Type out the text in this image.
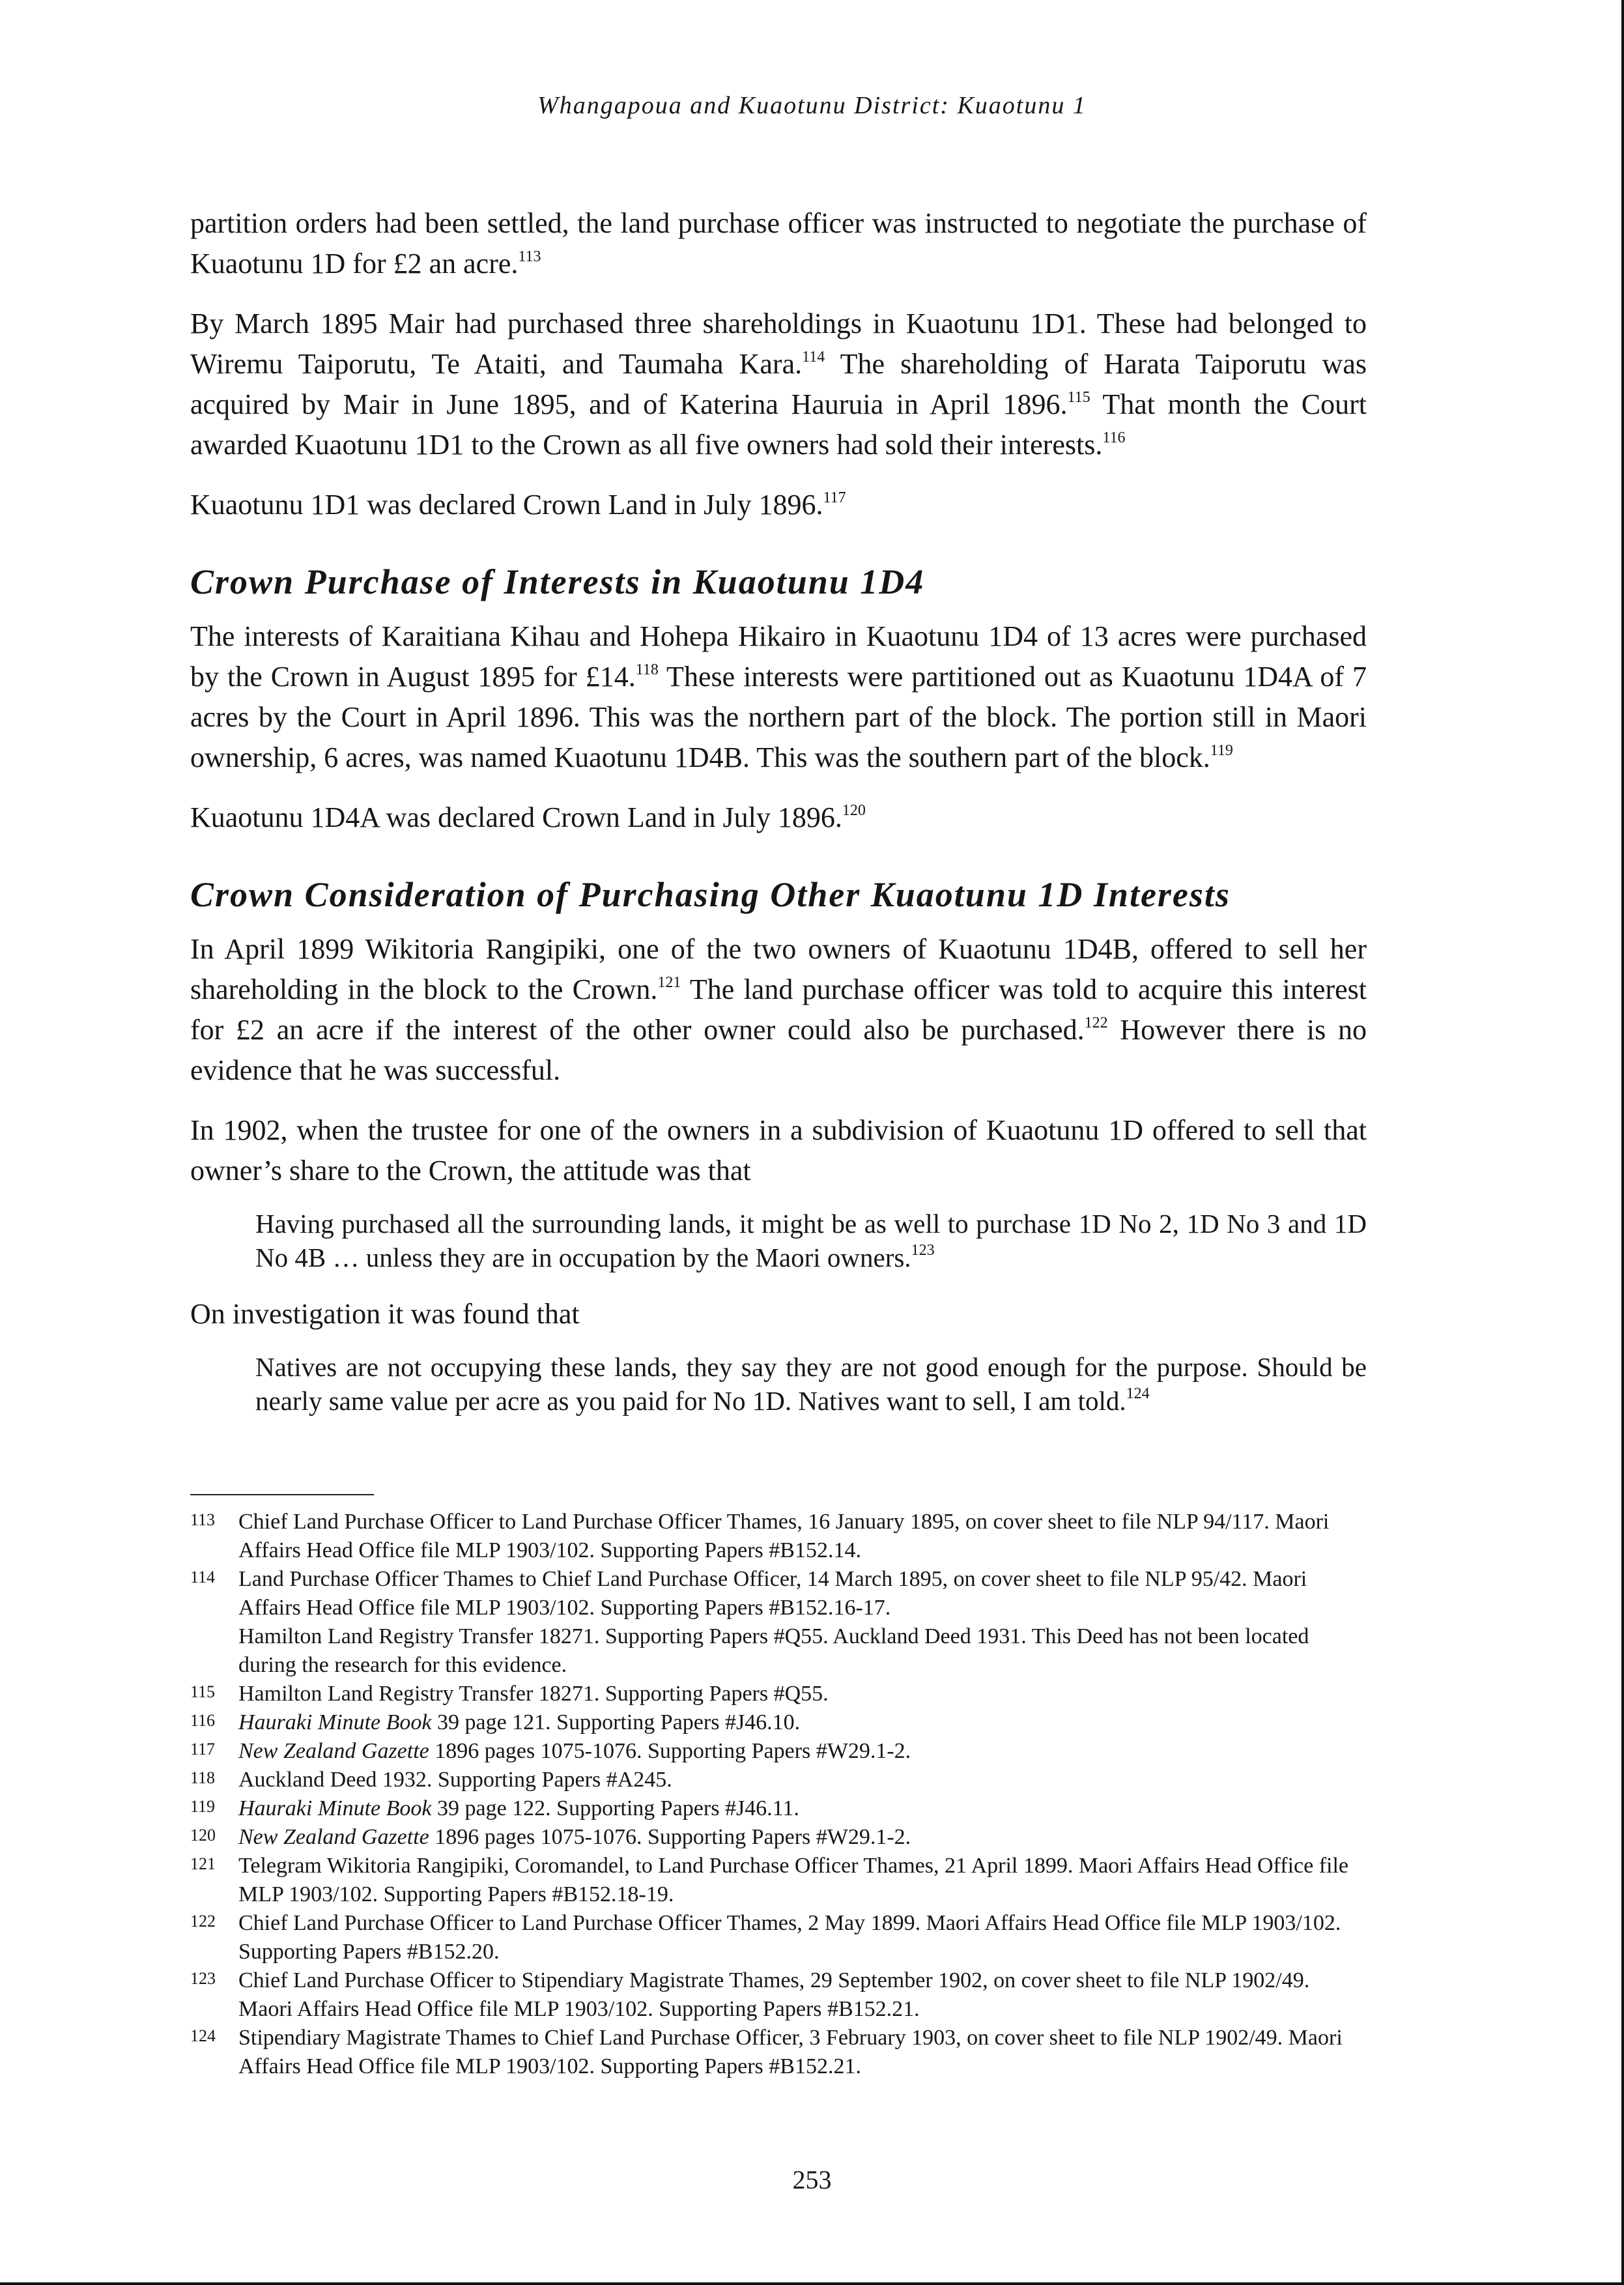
Whangapoua and Kuaotunu District: Kuaotunu 1

partition orders had been settled, the land purchase officer was instructed to negotiate the purchase of Kuaotunu 1D for £2 an acre.$^{113}$

By March 1895 Mair had purchased three shareholdings in Kuaotunu 1D1. These had belonged to Wiremu Taiporutu, Te Ataiti, and Taumaha Kara.$^{114}$ The shareholding of Harata Taiporutu was acquired by Mair in June 1895, and of Katerina Hauruia in April 1896.$^{115}$ That month the Court awarded Kuaotunu 1D1 to the Crown as all five owners had sold their interests.$^{116}$

Kuaotunu 1D1 was declared Crown Land in July 1896.$^{117}$

Crown Purchase of Interests in Kuaotunu 1D4

The interests of Karaitiana Kihau and Hohepa Hikairo in Kuaotunu 1D4 of 13 acres were purchased by the Crown in August 1895 for £14.$^{118}$ These interests were partitioned out as Kuaotunu 1D4A of 7 acres by the Court in April 1896. This was the northern part of the block. The portion still in Maori ownership, 6 acres, was named Kuaotunu 1D4B. This was the southern part of the block.$^{119}$

Kuaotunu 1D4A was declared Crown Land in July 1896.$^{120}$

Crown Consideration of Purchasing Other Kuaotunu 1D Interests

In April 1899 Wikitoria Rangipiki, one of the two owners of Kuaotunu 1D4B, offered to sell her shareholding in the block to the Crown.$^{121}$ The land purchase officer was told to acquire this interest for £2 an acre if the interest of the other owner could also be purchased.$^{122}$ However there is no evidence that he was successful.

In 1902, when the trustee for one of the owners in a subdivision of Kuaotunu 1D offered to sell that owner’s share to the Crown, the attitude was that

Having purchased all the surrounding lands, it might be as well to purchase 1D No 2, 1D No 3 and 1D No 4B … unless they are in occupation by the Maori owners.$^{123}$

On investigation it was found that

Natives are not occupying these lands, they say they are not good enough for the purpose. Should be nearly same value per acre as you paid for No 1D. Natives want to sell, I am told.$^{124}$

113	Chief Land Purchase Officer to Land Purchase Officer Thames, 16 January 1895, on cover sheet to file NLP 94/117. Maori Affairs Head Office file MLP 1903/102. Supporting Papers #B152.14.
114	Land Purchase Officer Thames to Chief Land Purchase Officer, 14 March 1895, on cover sheet to file NLP 95/42. Maori Affairs Head Office file MLP 1903/102. Supporting Papers #B152.16-17.
Hamilton Land Registry Transfer 18271. Supporting Papers #Q55. Auckland Deed 1931. This Deed has not been located during the research for this evidence.
115	Hamilton Land Registry Transfer 18271. Supporting Papers #Q55.
116	Hauraki Minute Book 39 page 121. Supporting Papers #J46.10.
117	New Zealand Gazette 1896 pages 1075-1076. Supporting Papers #W29.1-2.
118	Auckland Deed 1932. Supporting Papers #A245.
119	Hauraki Minute Book 39 page 122. Supporting Papers #J46.11.
120	New Zealand Gazette 1896 pages 1075-1076. Supporting Papers #W29.1-2.
121	Telegram Wikitoria Rangipiki, Coromandel, to Land Purchase Officer Thames, 21 April 1899. Maori Affairs Head Office file MLP 1903/102. Supporting Papers #B152.18-19.
122	Chief Land Purchase Officer to Land Purchase Officer Thames, 2 May 1899. Maori Affairs Head Office file MLP 1903/102. Supporting Papers #B152.20.
123	Chief Land Purchase Officer to Stipendiary Magistrate Thames, 29 September 1902, on cover sheet to file NLP 1902/49. Maori Affairs Head Office file MLP 1903/102. Supporting Papers #B152.21.
124	Stipendiary Magistrate Thames to Chief Land Purchase Officer, 3 February 1903, on cover sheet to file NLP 1902/49. Maori Affairs Head Office file MLP 1903/102. Supporting Papers #B152.21.
253
